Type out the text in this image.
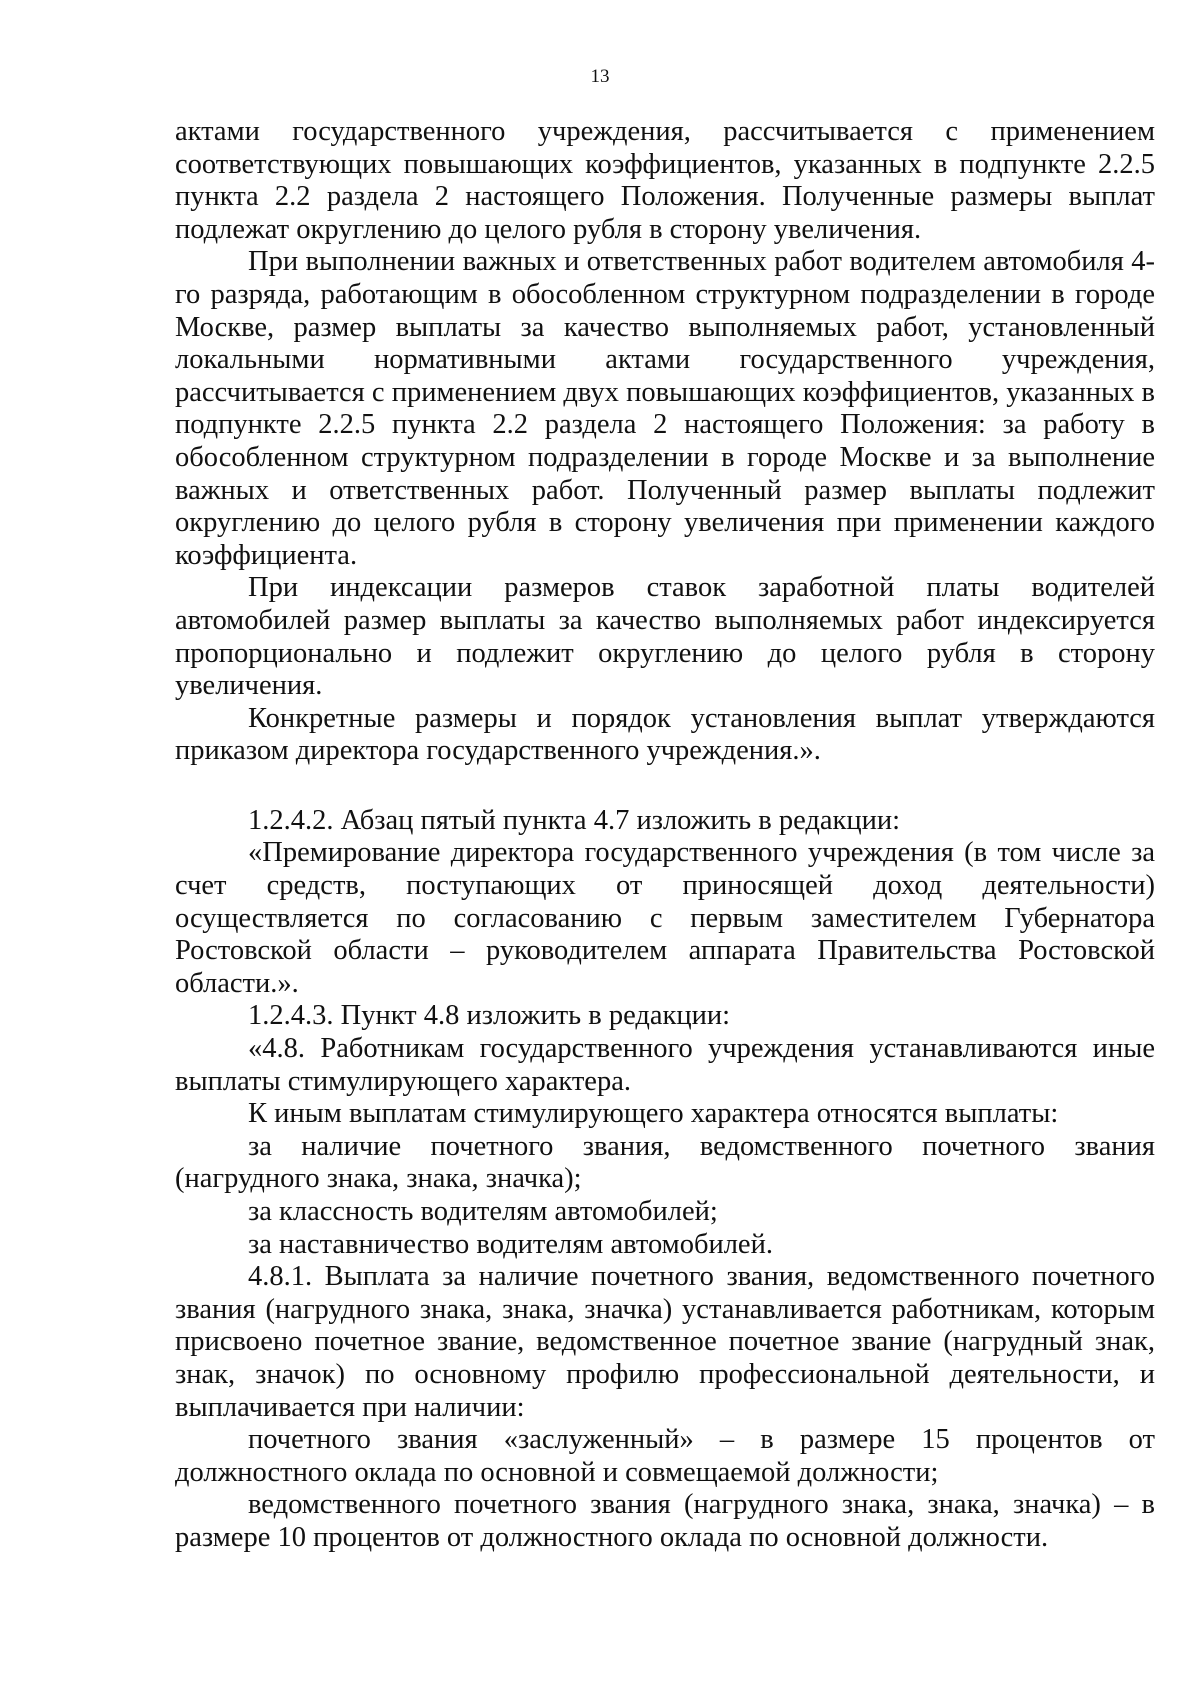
13

актами государственного учреждения, рассчитывается с применением соответствующих повышающих коэффициентов, указанных в подпункте 2.2.5 пункта 2.2 раздела 2 настоящего Положения. Полученные размеры выплат подлежат округлению до целого рубля в сторону увеличения.

При выполнении важных и ответственных работ водителем автомобиля 4-го разряда, работающим в обособленном структурном подразделении в городе Москве, размер выплаты за качество выполняемых работ, установленный локальными нормативными актами государственного учреждения, рассчитывается с применением двух повышающих коэффициентов, указанных в подпункте 2.2.5 пункта 2.2 раздела 2 настоящего Положения: за работу в обособленном структурном подразделении в городе Москве и за выполнение важных и ответственных работ. Полученный размер выплаты подлежит округлению до целого рубля в сторону увеличения при применении каждого коэффициента.

При индексации размеров ставок заработной платы водителей автомобилей размер выплаты за качество выполняемых работ индексируется пропорционально и подлежит округлению до целого рубля в сторону увеличения.

Конкретные размеры и порядок установления выплат утверждаются приказом директора государственного учреждения.».

1.2.4.2. Абзац пятый пункта 4.7 изложить в редакции:

«Премирование директора государственного учреждения (в том числе за счет средств, поступающих от приносящей доход деятельности) осуществляется по согласованию с первым заместителем Губернатора Ростовской области – руководителем аппарата Правительства Ростовской области.».

1.2.4.3. Пункт 4.8 изложить в редакции:

«4.8. Работникам государственного учреждения устанавливаются иные выплаты стимулирующего характера.

К иным выплатам стимулирующего характера относятся выплаты:

за наличие почетного звания, ведомственного почетного звания (нагрудного знака, знака, значка);

за классность водителям автомобилей;

за наставничество водителям автомобилей.

4.8.1. Выплата за наличие почетного звания, ведомственного почетного звания (нагрудного знака, знака, значка) устанавливается работникам, которым присвоено почетное звание, ведомственное почетное звание (нагрудный знак, знак, значок) по основному профилю профессиональной деятельности, и выплачивается при наличии:

почетного звания «заслуженный» – в размере 15 процентов от должностного оклада по основной и совмещаемой должности;

ведомственного почетного звания (нагрудного знака, знака, значка) – в размере 10 процентов от должностного оклада по основной должности.
